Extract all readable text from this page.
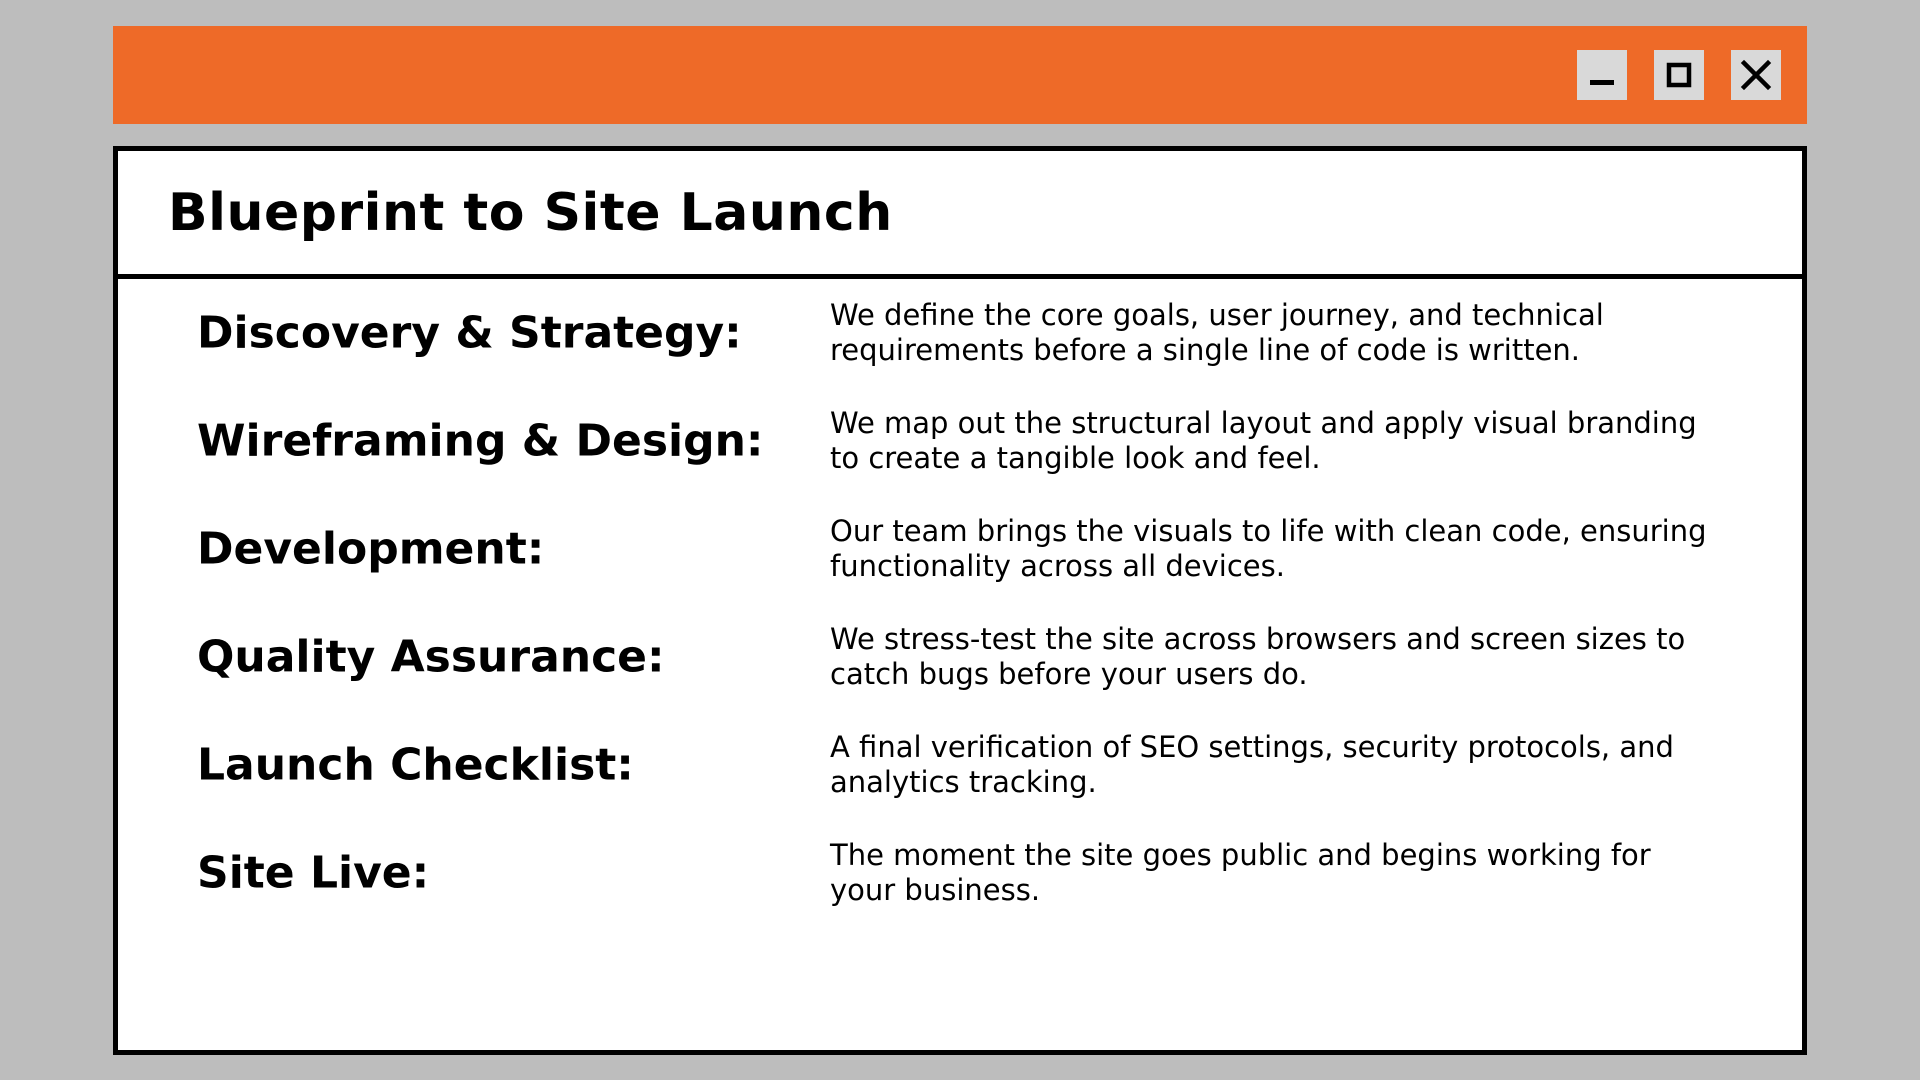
Blueprint to Site Launch
Discovery & Strategy:	We define the core goals, user journey, and technical requirements before a single line of code is written.
Wireframing & Design: We map out the structural layout and apply visual branding to create a tangible look and feel.
Development:	Our team brings the visuals to life with clean code, ensuring functionality across all devices.
Quality Assurance:	We stress-test the site across browsers and screen sizes to catch bugs before your users do.
Launch Checklist:	A final verification of SEO settings, security protocols, and analytics tracking.
Site Live:	The moment the site goes public and begins working for your business.
